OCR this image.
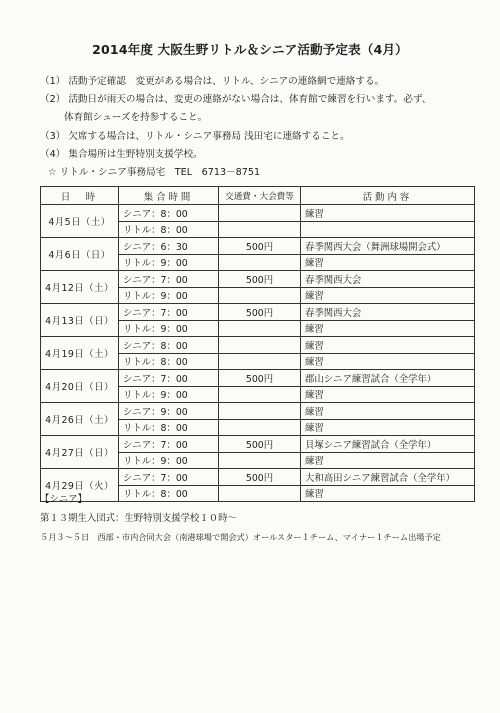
2014年度 大阪生野リトル＆シニア活動予定表（4月）
（1） 活動予定確認　変更がある場合は、リトル、シニアの連絡網で連絡する。
（2） 活動日が雨天の場合は、変更の連絡がない場合は、体育館で練習を行います。必ず、
体育館シューズを持参すること。
（3） 欠席する場合は、リトル・シニア事務局 浅田宅に連絡すること。
（4） 集合場所は生野特別支援学校。
☆ リトル・シニア事務局宅　TEL　6713－8751
日　時	集合時間	交通費・大会費等	活動内容
4月5日（土）	シニア：8：00		練習
	リトル：8：00		
4月6日（日）	シニア：6：30	500円	春季関西大会（舞洲球場開会式）
	リトル：9：00		練習
4月12日（土）	シニア：7：00	500円	春季関西大会
	リトル：9：00		練習
4月13日（日）	シニア：7：00	500円	春季関西大会
	リトル：9：00		練習
4月19日（土）	シニア：8：00		練習
	リトル：8：00		練習
4月20日（日）	シニア：7：00	500円	郡山シニア練習試合（全学年）
	リトル：9：00		練習
4月26日（土）	シニア：9：00		練習
	リトル：8：00		練習
4月27日（日）	シニア：7：00	500円	貝塚シニア練習試合（全学年）
	リトル：9：00		練習
4月29日（火）	シニア：7：00	500円	大和高田シニア練習試合（全学年）
	リトル：8：00		練習
【シニア】
第１３期生入団式：生野特別支援学校１０時～
５月３～５日　西部・市内合同大会（南港球場で開会式）オールスター１チーム、マイナー１チーム出場予定
